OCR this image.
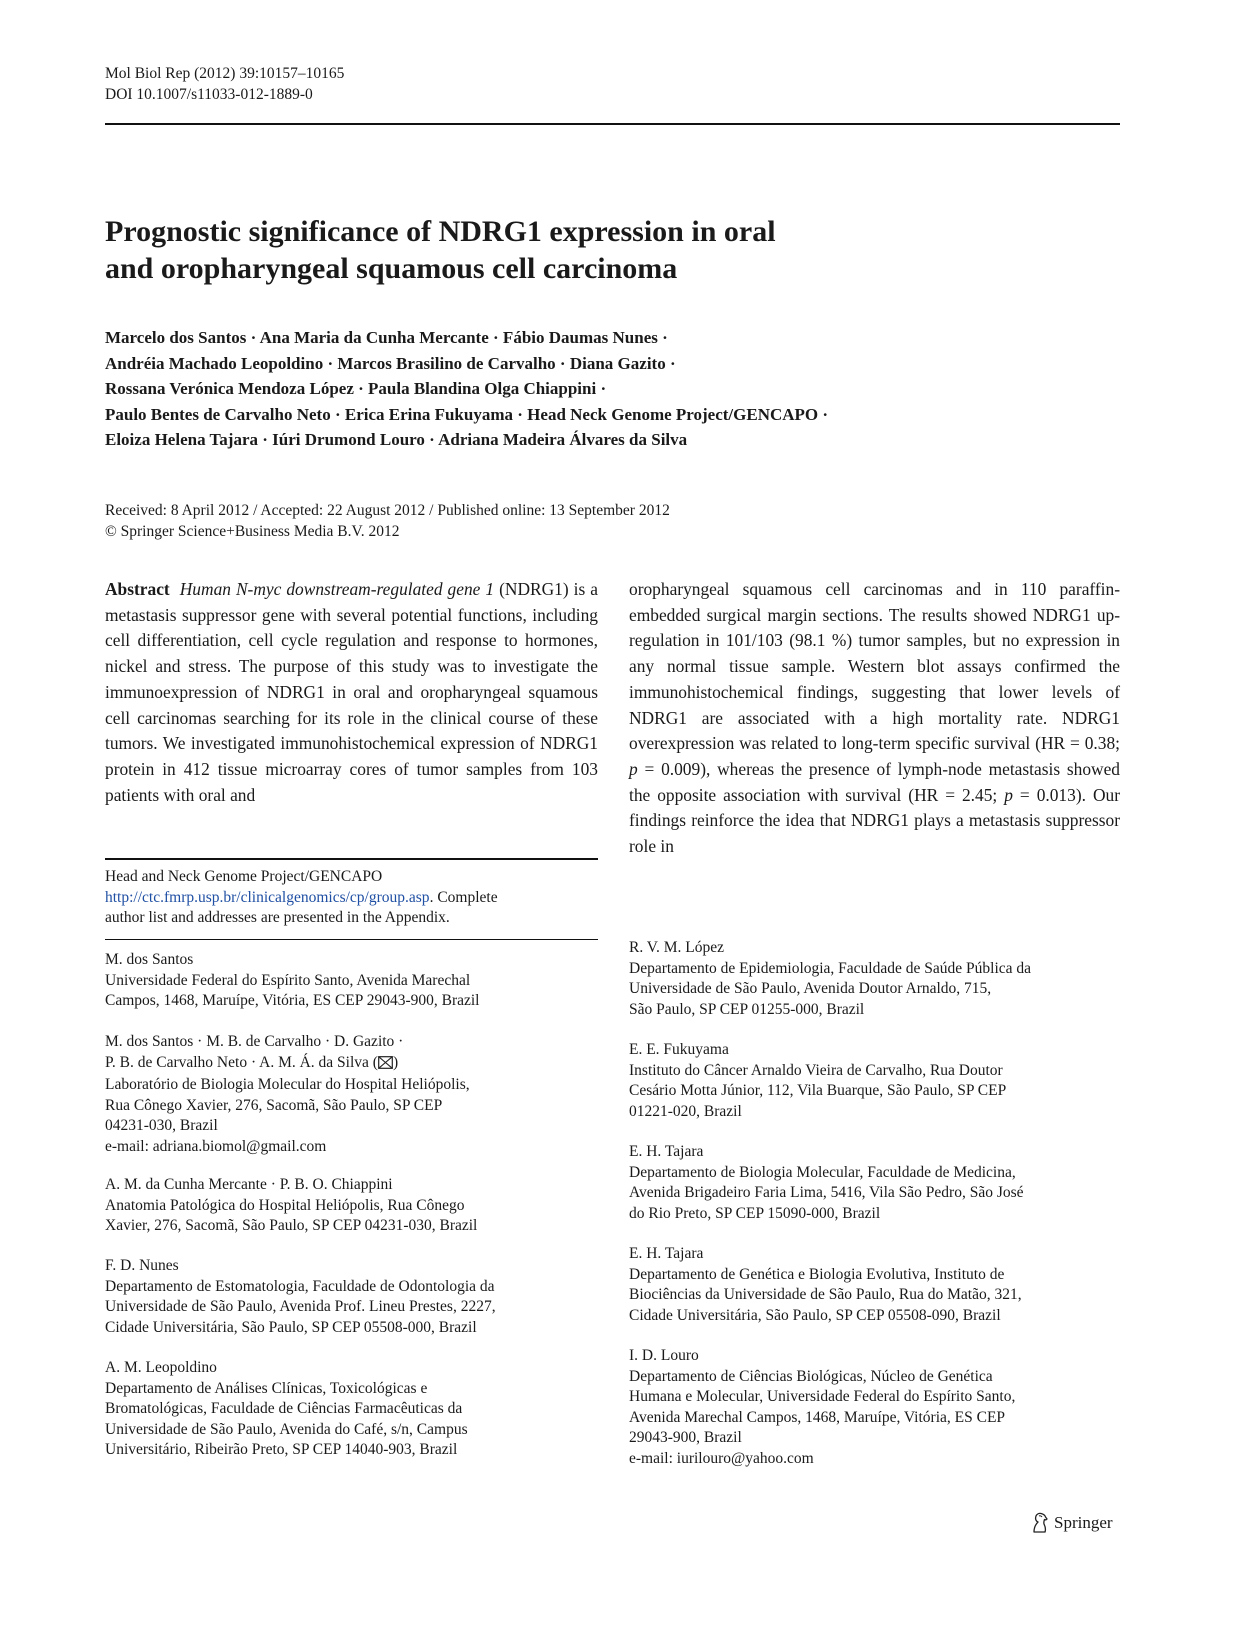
Mol Biol Rep (2012) 39:10157–10165
DOI 10.1007/s11033-012-1889-0
Prognostic significance of NDRG1 expression in oral
and oropharyngeal squamous cell carcinoma
Marcelo dos Santos · Ana Maria da Cunha Mercante · Fábio Daumas Nunes ·
Andréia Machado Leopoldino · Marcos Brasilino de Carvalho · Diana Gazito ·
Rossana Verónica Mendoza López · Paula Blandina Olga Chiappini ·
Paulo Bentes de Carvalho Neto · Erica Erina Fukuyama · Head Neck Genome Project/GENCAPO ·
Eloiza Helena Tajara · Iúri Drumond Louro · Adriana Madeira Álvares da Silva
Received: 8 April 2012 / Accepted: 22 August 2012 / Published online: 13 September 2012
© Springer Science+Business Media B.V. 2012
Abstract Human N-myc downstream-regulated gene 1 (NDRG1) is a metastasis suppressor gene with several potential functions, including cell differentiation, cell cycle regulation and response to hormones, nickel and stress. The purpose of this study was to investigate the immunoexpression of NDRG1 in oral and oropharyngeal squamous cell carcinomas searching for its role in the clinical course of these tumors. We investigated immunohistochemical expression of NDRG1 protein in 412 tissue microarray cores of tumor samples from 103 patients with oral and
oropharyngeal squamous cell carcinomas and in 110 paraffin-embedded surgical margin sections. The results showed NDRG1 up-regulation in 101/103 (98.1 %) tumor samples, but no expression in any normal tissue sample. Western blot assays confirmed the immunohistochemical findings, suggesting that lower levels of NDRG1 are associated with a high mortality rate. NDRG1 overexpression was related to long-term specific survival (HR = 0.38; p = 0.009), whereas the presence of lymph-node metastasis showed the opposite association with survival (HR = 2.45; p = 0.013). Our findings reinforce the idea that NDRG1 plays a metastasis suppressor role in
Head and Neck Genome Project/GENCAPO
http://ctc.fmrp.usp.br/clinicalgenomics/cp/group.asp. Complete
author list and addresses are presented in the Appendix.

M. dos Santos

Universidade Federal do Espírito Santo, Avenida Marechal

Campos, 1468, Maruípe, Vitória, ES CEP 29043-900, Brazil

M. dos Santos · M. B. de Carvalho · D. Gazito ·

P. B. de Carvalho Neto · A. M. Á. da Silva ( )

Laboratório de Biologia Molecular do Hospital Heliópolis,

Rua Cônego Xavier, 276, Sacomã, São Paulo, SP CEP

04231-030, Brazil

e-mail: adriana.biomol@gmail.com

A. M. da Cunha Mercante · P. B. O. Chiappini

Anatomia Patológica do Hospital Heliópolis, Rua Cônego

Xavier, 276, Sacomã, São Paulo, SP CEP 04231-030, Brazil

F. D. Nunes

Departamento de Estomatologia, Faculdade de Odontologia da

Universidade de São Paulo, Avenida Prof. Lineu Prestes, 2227,

Cidade Universitária, São Paulo, SP CEP 05508-000, Brazil

A. M. Leopoldino

Departamento de Análises Clínicas, Toxicológicas e

Bromatológicas, Faculdade de Ciências Farmacêuticas da

Universidade de São Paulo, Avenida do Café, s/n, Campus

Universitário, Ribeirão Preto, SP CEP 14040-903, Brazil

R. V. M. López

Departamento de Epidemiologia, Faculdade de Saúde Pública da

Universidade de São Paulo, Avenida Doutor Arnaldo, 715,

São Paulo, SP CEP 01255-000, Brazil

E. E. Fukuyama

Instituto do Câncer Arnaldo Vieira de Carvalho, Rua Doutor

Cesário Motta Júnior, 112, Vila Buarque, São Paulo, SP CEP

01221-020, Brazil

E. H. Tajara

Departamento de Biologia Molecular, Faculdade de Medicina,

Avenida Brigadeiro Faria Lima, 5416, Vila São Pedro, São José

do Rio Preto, SP CEP 15090-000, Brazil

E. H. Tajara

Departamento de Genética e Biologia Evolutiva, Instituto de

Biociências da Universidade de São Paulo, Rua do Matão, 321,

Cidade Universitária, São Paulo, SP CEP 05508-090, Brazil

I. D. Louro

Departamento de Ciências Biológicas, Núcleo de Genética

Humana e Molecular, Universidade Federal do Espírito Santo,

Avenida Marechal Campos, 1468, Maruípe, Vitória, ES CEP

29043-900, Brazil

e-mail: iurilouro@yahoo.com

Springer
